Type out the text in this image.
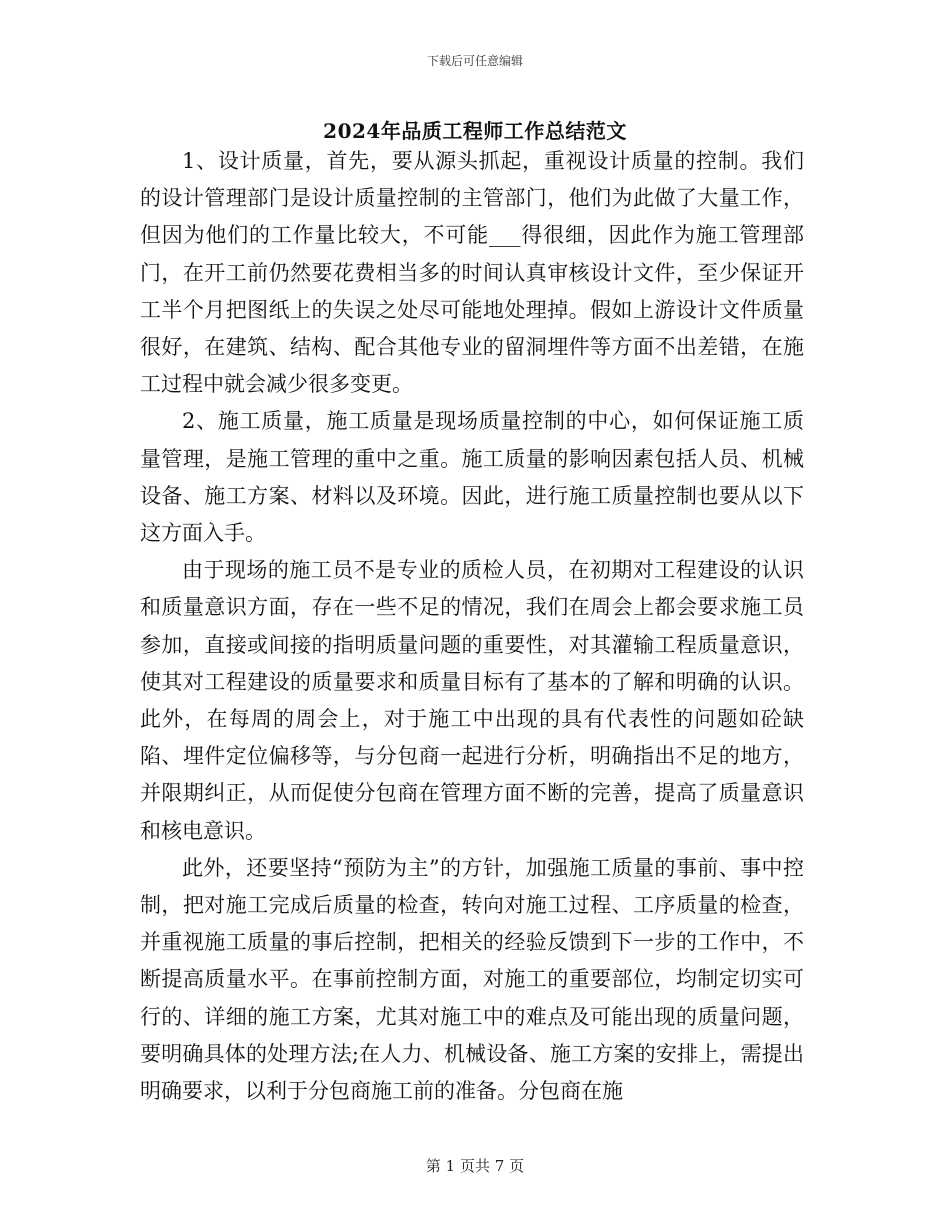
下载后可任意编辑
2024年品质工程师工作总结范文

1、设计质量，首先，要从源头抓起，重视设计质量的控制。我们的设计管理部门是设计质量控制的主管部门，他们为此做了大量工作，但因为他们的工作量比较大，不可能___得很细，因此作为施工管理部门，在开工前仍然要花费相当多的时间认真审核设计文件，至少保证开工半个月把图纸上的失误之处尽可能地处理掉。假如上游设计文件质量很好，在建筑、结构、配合其他专业的留洞埋件等方面不出差错，在施工过程中就会减少很多变更。

2、施工质量，施工质量是现场质量控制的中心，如何保证施工质量管理，是施工管理的重中之重。施工质量的影响因素包括人员、机械设备、施工方案、材料以及环境。因此，进行施工质量控制也要从以下这方面入手。

由于现场的施工员不是专业的质检人员，在初期对工程建设的认识和质量意识方面，存在一些不足的情况，我们在周会上都会要求施工员参加，直接或间接的指明质量问题的重要性，对其灌输工程质量意识，使其对工程建设的质量要求和质量目标有了基本的了解和明确的认识。此外，在每周的周会上，对于施工中出现的具有代表性的问题如砼缺陷、埋件定位偏移等，与分包商一起进行分析，明确指出不足的地方，并限期纠正，从而促使分包商在管理方面不断的完善，提高了质量意识和核电意识。

此外，还要坚持“预防为主”的方针，加强施工质量的事前、事中控制，把对施工完成后质量的检查，转向对施工过程、工序质量的检查，并重视施工质量的事后控制，把相关的经验反馈到下一步的工作中，不断提高质量水平。在事前控制方面，对施工的重要部位，均制定切实可行的、详细的施工方案，尤其对施工中的难点及可能出现的质量问题，要明确具体的处理方法;在人力、机械设备、施工方案的安排上，需提出明确要求，以利于分包商施工前的准备。分包商在施

第 1 页共 7 页
